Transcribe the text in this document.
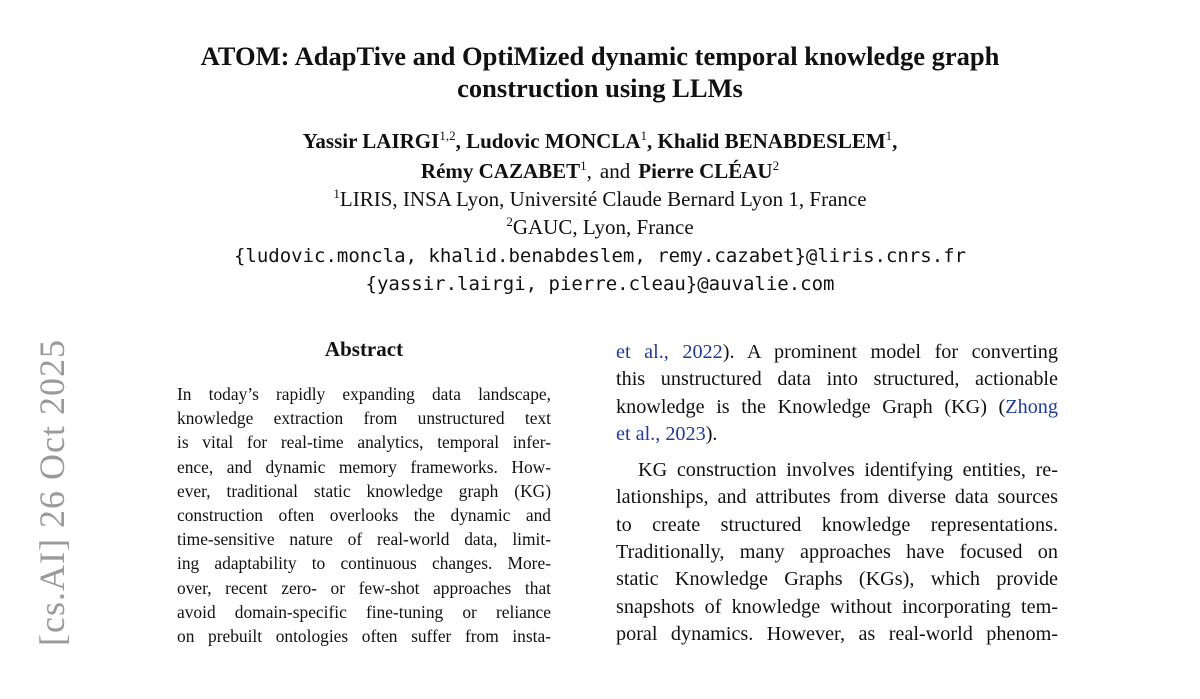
[cs.AI] 26 Oct 2025
ATOM: AdapTive and OptiMized dynamic temporal knowledge graph
construction using LLMs
Yassir LAIRGI$^{1,2}$, Ludovic MONCLA$^1$, Khalid BENABDESLEM$^1$,
Rémy CAZABET$^1$, and Pierre CLÉAU$^2$
$^1$LIRIS, INSA Lyon, Université Claude Bernard Lyon 1, France
$^2$GAUC, Lyon, France
{ludovic.moncla, khalid.benabdeslem, remy.cazabet}@liris.cnrs.fr
{yassir.lairgi, pierre.cleau}@auvalie.com
Abstract
In today’s rapidly expanding data landscape,
knowledge extraction from unstructured text
is vital for real-time analytics, temporal infer-
ence, and dynamic memory frameworks. How-
ever, traditional static knowledge graph (KG)
construction often overlooks the dynamic and
time-sensitive nature of real-world data, limit-
ing adaptability to continuous changes. More-
over, recent zero- or few-shot approaches that
avoid domain-specific fine-tuning or reliance
on prebuilt ontologies often suffer from insta-
et al., 2022). A prominent model for converting
this unstructured data into structured, actionable
knowledge is the Knowledge Graph (KG) (Zhong
et al., 2023).
KG construction involves identifying entities, re-
lationships, and attributes from diverse data sources
to create structured knowledge representations.
Traditionally, many approaches have focused on
static Knowledge Graphs (KGs), which provide
snapshots of knowledge without incorporating tem-
poral dynamics. However, as real-world phenom-
